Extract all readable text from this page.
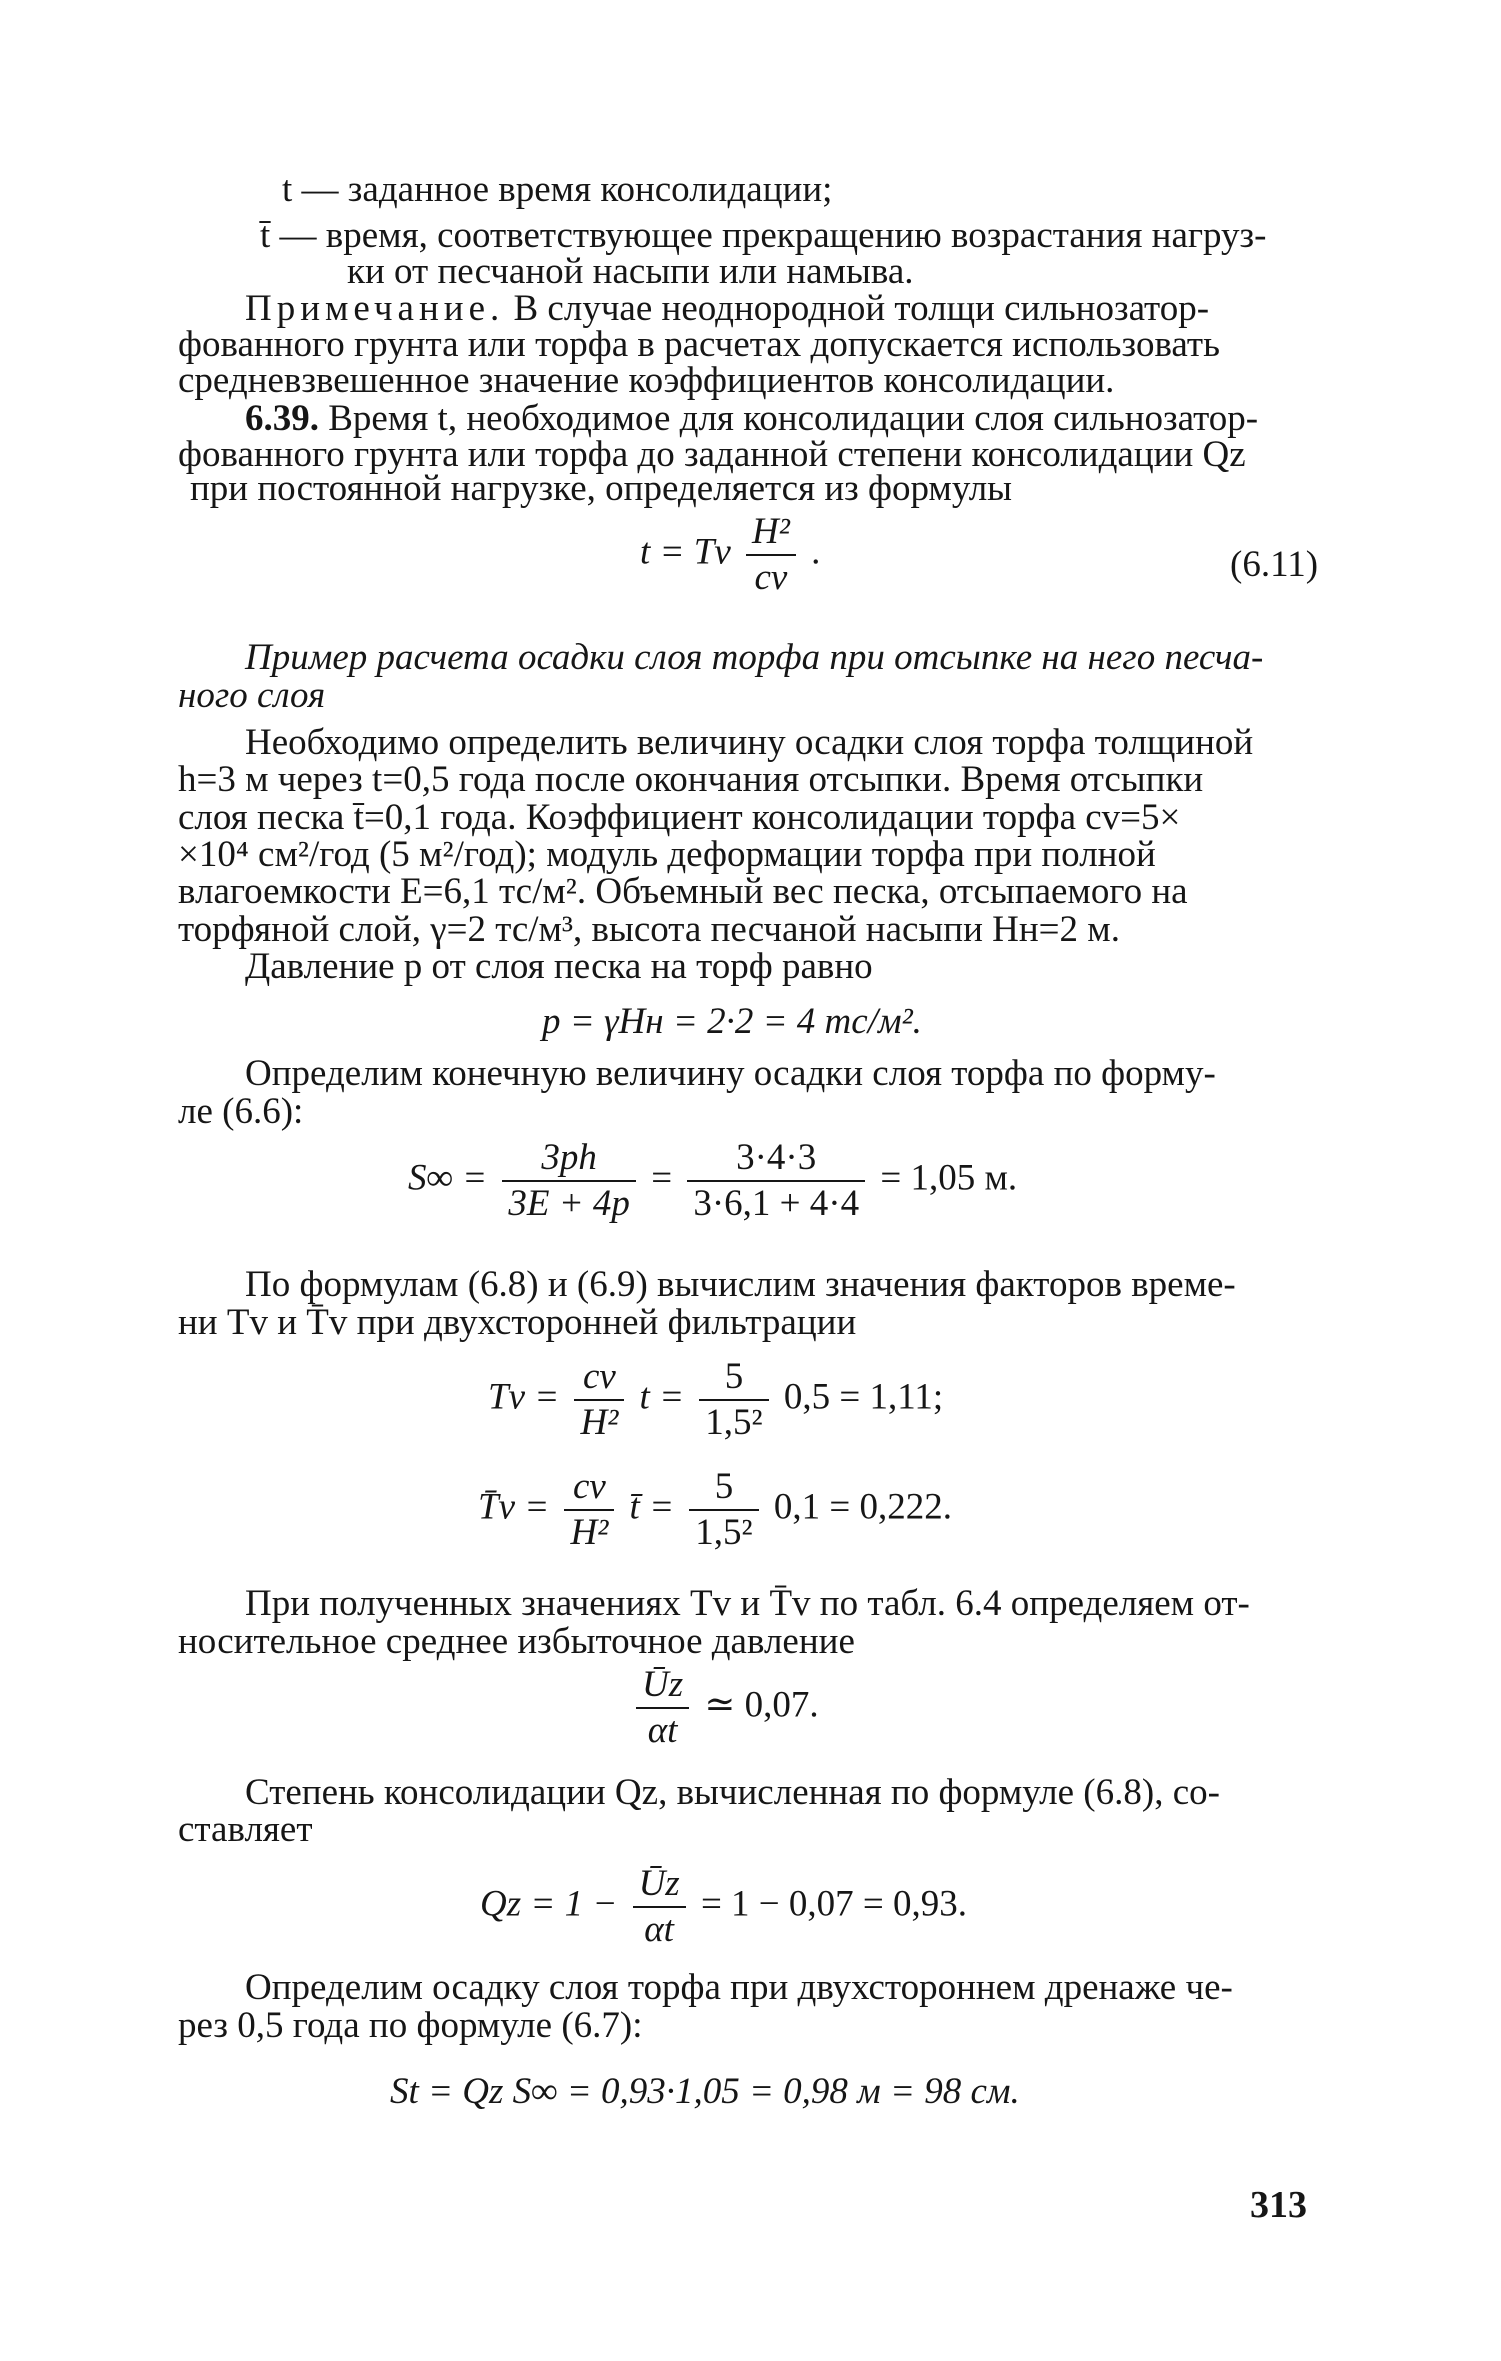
t — заданное время консолидации;
t̄ — время, соответствующее прекращению возрастания нагруз-
ки от песчаной насыпи или намыва.
Примечание. В случае неоднородной толщи сильнозатор-
фованного грунта или торфа в расчетах допускается использовать
средневзвешенное значение коэффициентов консолидации.
6.39. Время t, необходимое для консолидации слоя сильнозатор-
фованного грунта или торфа до заданной степени консолидации Qz
при постоянной нагрузке, определяется из формулы
t = Tv $\frac{\text{H²}}{cv}$ .	(6.11)
Пример расчета осадки слоя торфа при отсыпке на него песча-
ного слоя
Необходимо определить величину осадки слоя торфа толщиной
h=3 м через t=0,5 года после окончания отсыпки. Время отсыпки
слоя песка t̄=0,1 года. Коэффициент консолидации торфа cv=5×
×10⁴ см²/год (5 м²/год); модуль деформации торфа при полной
влагоемкости E=6,1 тс/м². Объемный вес песка, отсыпаемого на
торфяной слой, γ=2 тс/м³, высота песчаной насыпи Hн=2 м.
Давление p от слоя песка на торф равно
p = γHн = 2·2 = 4 тс/м².
Определим конечную величину осадки слоя торфа по форму-
ле (6.6):
$S\infty = \frac{3ph}{3E + 4p} = \frac{3\cdot 4\cdot 3}{3\cdot 6,1 + 4\cdot 4} = 1,05$ м.
По формулам (6.8) и (6.9) вычислим значения факторов време-
ни Tv и T̄v при двухсторонней фильтрации
$Tv = \frac{cv}{\text{H²}}$ $t = \frac{5}{\text{1,5²}} 0,5 = 1,11$;
T̄v = $\frac{cv}{\text{H²}}$ t̄ = $\frac{5}{\text{1,5²}} 0,1 = 0,222$.
При полученных значениях Tv и T̄v по табл. 6.4 определяем от-
носительное среднее избыточное давление
$\frac{Ūz}{\alpha t}$ ≃ 0,07.
Степень консолидации Qz, вычисленная по формуле (6.8), со-
ставляет
$Qz = 1 - \frac{Ūz}{\alpha t} = 1 - 0,07 = 0,93$.
Определим осадку слоя торфа при двухстороннем дренаже че-
рез 0,5 года по формуле (6.7):
St = Qz S∞ = 0,93·1,05 = 0,98 м = 98 см.
313
